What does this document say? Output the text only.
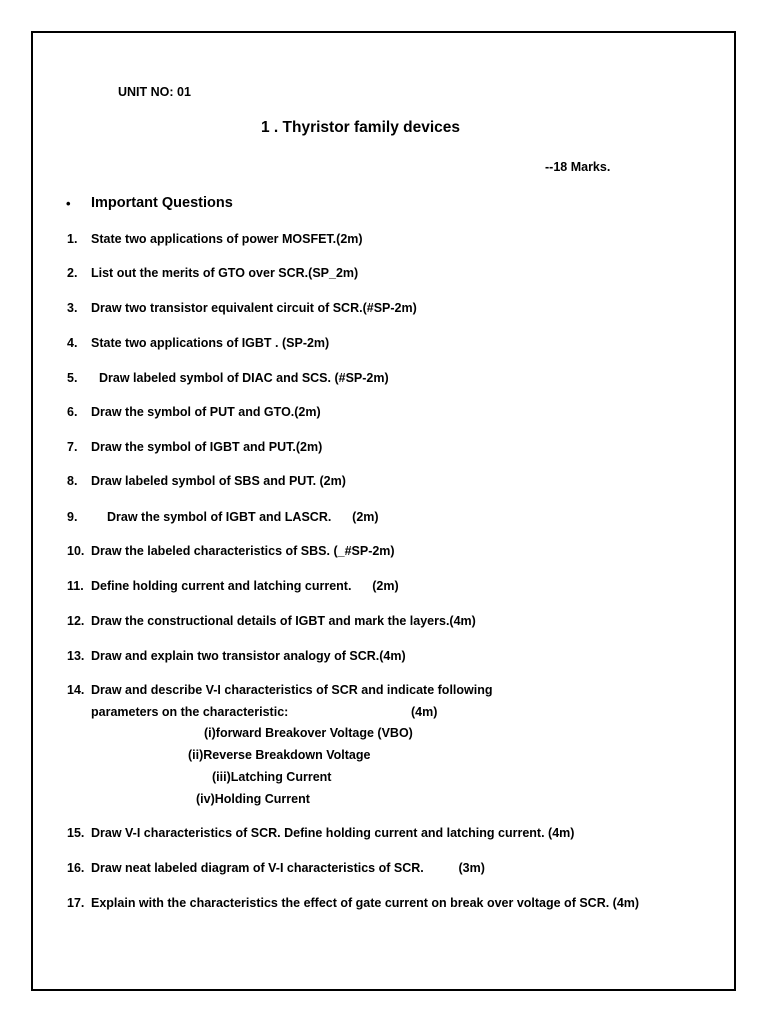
UNIT NO: 01
1 . Thyristor family devices
--18 Marks.
• Important Questions
1. State two applications of power MOSFET.(2m)
2. List out the merits of GTO over SCR.(SP_2m)
3. Draw two transistor equivalent circuit of SCR.(#SP-2m)
4. State two applications of IGBT . (SP-2m)
5. Draw labeled symbol of DIAC and SCS. (#SP-2m)
6. Draw the symbol of PUT and GTO.(2m)
7. Draw the symbol of IGBT and PUT.(2m)
8. Draw labeled symbol of SBS and PUT. (2m)
9. Draw the symbol of IGBT and LASCR.      (2m)
10. Draw the labeled characteristics of SBS. (_#SP-2m)
11. Define holding current and latching current.      (2m)
12. Draw the constructional details of IGBT and mark the layers.(4m)
13. Draw and explain two transistor analogy of SCR.(4m)
14. Draw and describe V-I characteristics of SCR and indicate following
parameters on the characteristic:	(4m)
(i)forward Breakover Voltage (VBO)
(ii)Reverse Breakdown Voltage
(iii)Latching Current
(iv)Holding Current
15. Draw V-I characteristics of SCR. Define holding current and latching current. (4m)
16. Draw neat labeled diagram of V-I characteristics of SCR.          (3m)
17. Explain with the characteristics the effect of gate current on break over voltage of SCR. (4m)
